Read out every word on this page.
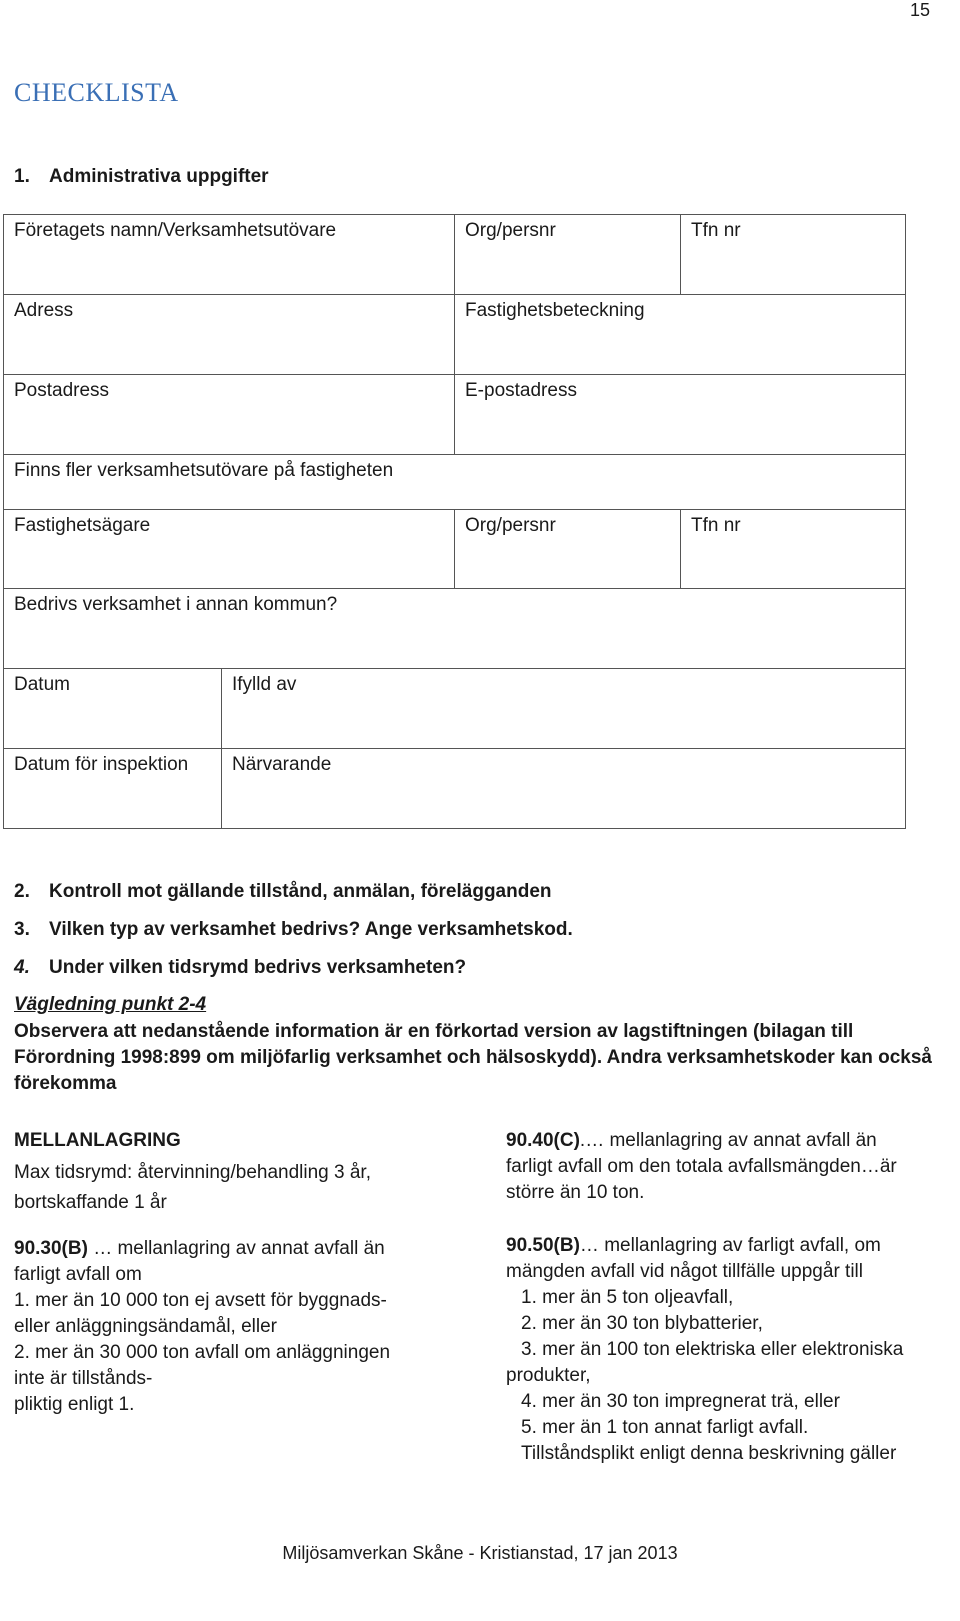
15
CHECKLISTA
1. Administrativa uppgifter
Företagets namn/Verksamhetsutövare	Org/persnr	Tfn nr
Adress	Fastighetsbeteckning
Postadress	E-postadress
Finns fler verksamhetsutövare på fastigheten
Fastighetsägare	Org/persnr	Tfn nr
Bedrivs verksamhet i annan kommun?
Datum	Ifylld av
Datum för inspektion	Närvarande
2. Kontroll mot gällande tillstånd, anmälan, förelägganden
3. Vilken typ av verksamhet bedrivs? Ange verksamhetskod.
4. Under vilken tidsrymd bedrivs verksamheten?
Vägledning punkt 2-4
Observera att nedanstående information är en förkortad version av lagstiftningen (bilagan till Förordning 1998:899 om miljöfarlig verksamhet och hälsoskydd). Andra verksamhetskoder kan också förekomma
MELLANLAGRING
Max tidsrymd: återvinning/behandling 3 år,
bortskaffande 1 år
90.30(B) … mellanlagring av annat avfall än
farligt avfall om
1. mer än 10 000 ton ej avsett för byggnads-
eller anläggningsändamål, eller
2. mer än 30 000 ton avfall om anläggningen
inte är tillstånds-
pliktig enligt 1.
90.40(C).… mellanlagring av annat avfall än
farligt avfall om den totala avfallsmängden…är
större än 10 ton.
90.50(B)… mellanlagring av farligt avfall, om
mängden avfall vid något tillfälle uppgår till
1. mer än 5 ton oljeavfall,
2. mer än 30 ton blybatterier,
3. mer än 100 ton elektriska eller elektroniska
produkter,
4. mer än 30 ton impregnerat trä, eller
5. mer än 1 ton annat farligt avfall.
Tillståndsplikt enligt denna beskrivning gäller
Miljösamverkan Skåne - Kristianstad, 17 jan 2013
